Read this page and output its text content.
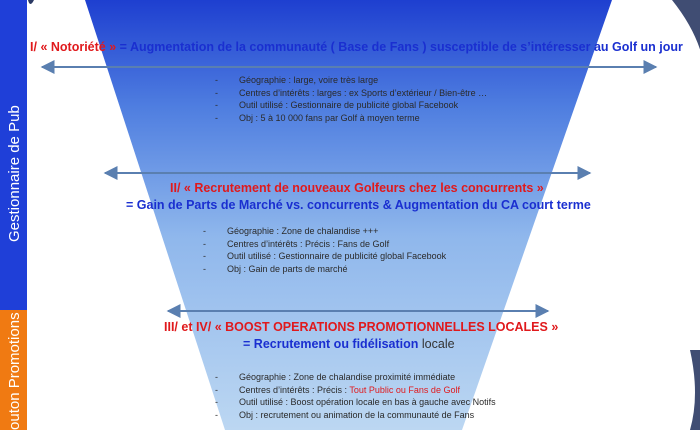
Gestionnaire de Pub
Bouton Promotions
I/ « Notoriété » = Augmentation de la communauté ( Base de Fans ) susceptible de s’intéresser au Golf un jour
- Géographie : large, voire très large
- Centres d’intérêts : larges : ex Sports d’extérieur / Bien-être …
- Outil utilisé : Gestionnaire de publicité global Facebook
- Obj : 5 à 10 000 fans par Golf à moyen terme
II/ « Recrutement de nouveaux Golfeurs chez les concurrents »
= Gain de Parts de Marché vs. concurrents & Augmentation du CA court terme
- Géographie : Zone de chalandise +++
- Centres d’intérêts : Précis : Fans de Golf
- Outil utilisé : Gestionnaire de publicité global Facebook
- Obj : Gain de parts de marché
III/ et IV/ « BOOST OPERATIONS PROMOTIONNELLES LOCALES »
= Recrutement ou fidélisation locale
- Géographie : Zone de chalandise proximité immédiate
- Centres d’intérêts : Précis : Tout Public ou Fans de Golf
- Outil utilisé : Boost opération locale en bas à gauche avec Notifs
- Obj : recrutement ou animation de la communauté de Fans
